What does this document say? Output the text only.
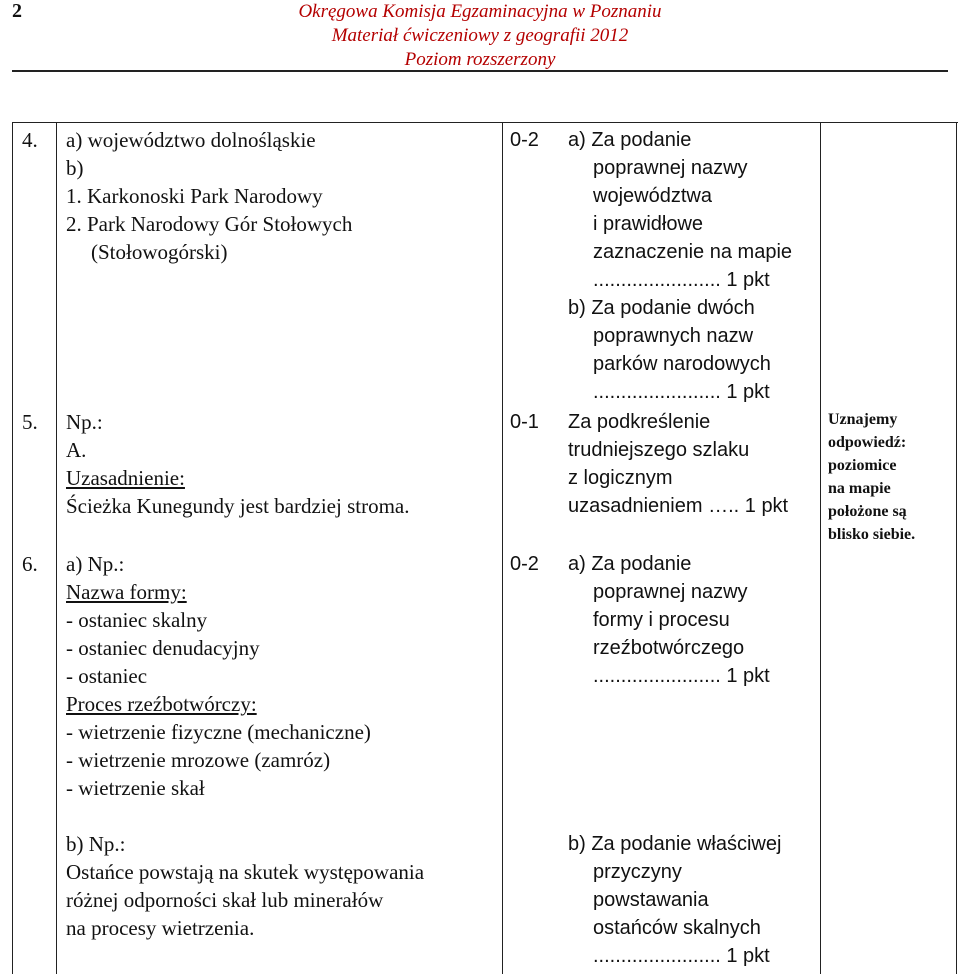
2	Okręgowa Komisja Egzaminacyjna w Poznaniu
Materiał ćwiczeniowy z geografii 2012
Poziom rozszerzony
4. a) województwo dolnośląskie
b)
1. Karkonoski Park Narodowy
2. Park Narodowy Gór Stołowych
(Stołowogórski)
0-2 a) Za podanie
poprawnej nazwy
województwa
i prawidłowe
zaznaczenie na mapie
....................... 1 pkt
b) Za podanie dwóch
poprawnych nazw
parków narodowych
....................... 1 pkt
5. Np.:
A.
Uzasadnienie:
Ścieżka Kunegundy jest bardziej stroma.
0-1 Za podkreślenie
trudniejszego szlaku
z logicznym
uzasadnieniem ….. 1 pkt
Uznajemy
odpowiedź:
poziomice
na mapie
położone są
blisko siebie.
6. a) Np.:
Nazwa formy:
- ostaniec skalny
- ostaniec denudacyjny
- ostaniec
Proces rzeźbotwórczy:
- wietrzenie fizyczne (mechaniczne)
- wietrzenie mrozowe (zamróz)
- wietrzenie skał
0-2 a) Za podanie
poprawnej nazwy
formy i procesu
rzeźbotwórczego
....................... 1 pkt
b) Np.:
Ostańce powstają na skutek występowania
różnej odporności skał lub minerałów
na procesy wietrzenia.
b) Za podanie właściwej
przyczyny
powstawania
ostańców skalnych
....................... 1 pkt
